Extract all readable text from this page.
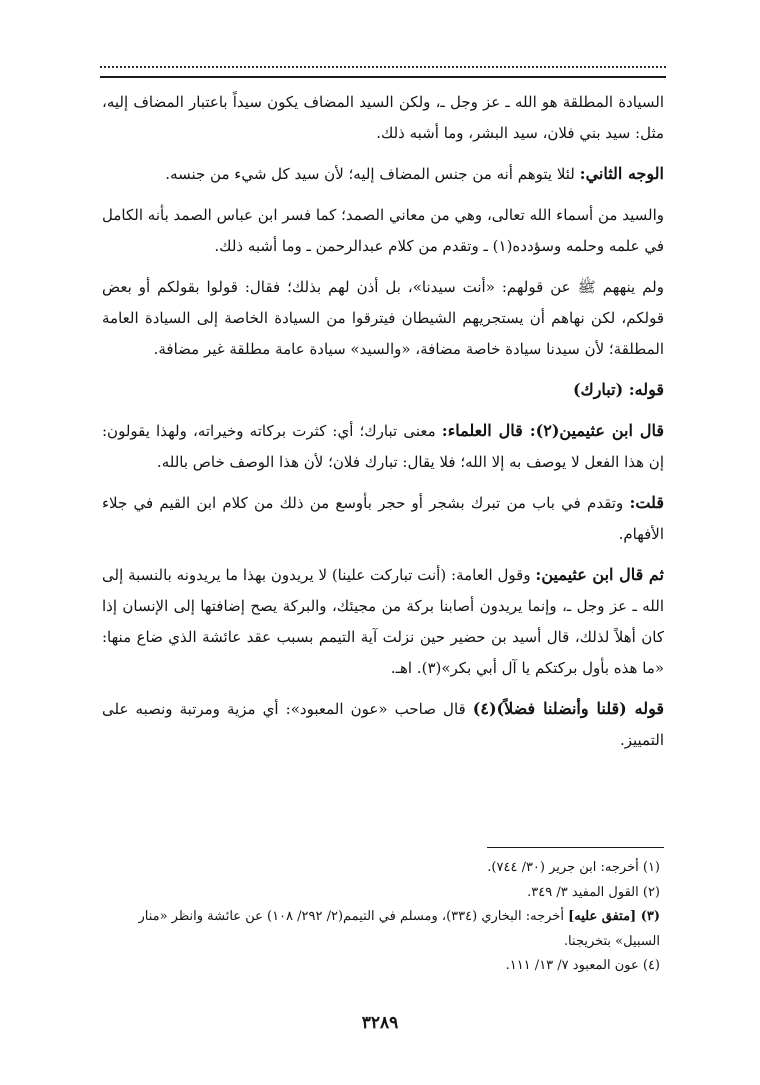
السيادة المطلقة هو الله ـ عز وجل ـ، ولكن السيد المضاف يكون سيداً باعتبار المضاف إليه، مثل: سيد بني فلان، سيد البشر، وما أشبه ذلك.

الوجه الثاني: لئلا يتوهم أنه من جنس المضاف إليه؛ لأن سيد كل شيء من جنسه.

والسيد من أسماء الله تعالى، وهي من معاني الصمد؛ كما فسر ابن عباس الصمد بأنه الكامل في علمه وحلمه وسؤدده(١) ـ وتقدم من كلام عبدالرحمن ـ وما أشبه ذلك.

ولم ينههم ﷺ عن قولهم: «أنت سيدنا»، بل أذن لهم بذلك؛ فقال: قولوا بقولكم أو بعض قولكم، لكن نهاهم أن يستجريهم الشيطان فيترقوا من السيادة الخاصة إلى السيادة العامة المطلقة؛ لأن سيدنا سيادة خاصة مضافة، «والسيد» سيادة عامة مطلقة غير مضافة.

قوله: (تبارك)

قال ابن عثيمين(٢): قال العلماء: معنى تبارك؛ أي: كثرت بركاته وخيراته، ولهذا يقولون: إن هذا الفعل لا يوصف به إلا الله؛ فلا يقال: تبارك فلان؛ لأن هذا الوصف خاص بالله.

قلت: وتقدم في باب من تبرك بشجر أو حجر بأوسع من ذلك من كلام ابن القيم في جلاء الأفهام.

ثم قال ابن عثيمين: وقول العامة: (أنت تباركت علينا) لا يريدون بهذا ما يريدونه بالنسبة إلى الله ـ عز وجل ـ، وإنما يريدون أصابنا بركة من مجيئك، والبركة يصح إضافتها إلى الإنسان إذا كان أهلاً لذلك، قال أسيد بن حضير حين نزلت آية التيمم بسبب عقد عائشة الذي ضاع منها: «ما هذه بأول بركتكم يا آل أبي بكر»(٣). اهـ.

قوله (قلنا وأنضلنا فضلاً)(٤) قال صاحب «عون المعبود»: أي مزية ومرتبة ونصبه على التمييز.

(١) أخرجه: ابن جرير (٣٠/ ٧٤٤).

(٢) القول المفيد ٣/ ٣٤٩.

(٣) [متفق عليه] أخرجه: البخاري (٣٣٤)، ومسلم في التيمم(٢/ ٢٩٢/ ١٠٨) عن عائشة وانظر «منار السبيل» بتخريجنا.

(٤) عون المعبود ٧/ ١٣/ ١١١.

٣٢٨٩
